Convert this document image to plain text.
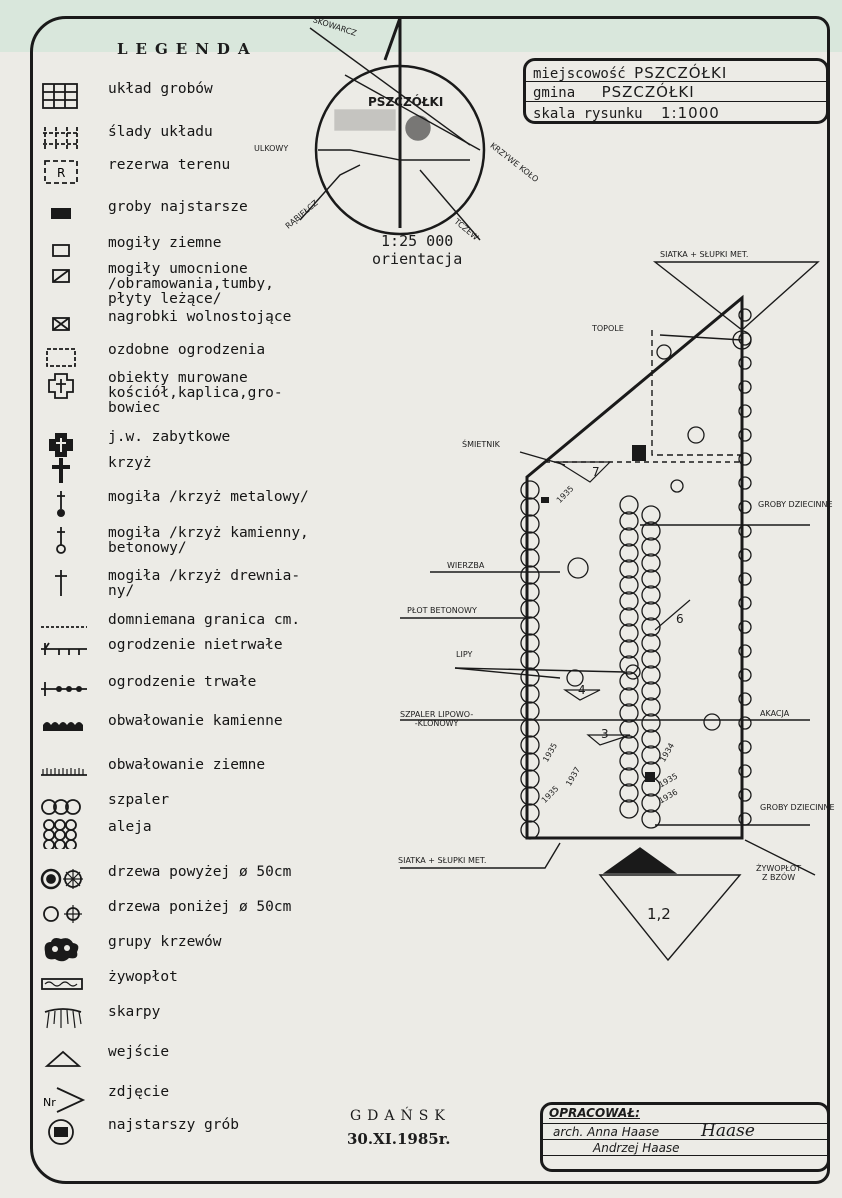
LEGENDA
układ grobów
ślady układu
R	rezerwa terenu
groby najstarsze
mogiły ziemne
mogiły umocnione
/obramowania,tumby,
płyty leżące/
nagrobki wolnostojące
ozdobne ogrodzenia
obiekty murowane
kościół,kaplica,gro-
bowiec
j.w. zabytkowe
krzyż
mogiła /krzyż metalowy/
mogiła /krzyż kamienny,
betonowy/
mogiła /krzyż drewnia-
ny/
domniemana granica cm.
ogrodzenie nietrwałe
ogrodzenie trwałe
obwałowanie kamienne
obwałowanie ziemne
szpaler
aleja
drzewa powyżej ø 50cm
drzewa poniżej ø 50cm
grupy krzewów
żywopłot
skarpy
wejście
Nr
zdjęcie
najstarszy grób
miejscowość PSZCZÓŁKI
gmina PSZCZÓŁKI
skala rysunku 1:1000
1:25 000
orientacja
PSZCZÓŁKI
SKOWARCZ
ULKOWY	KRZYWE KOŁO
RĄBIEŁCZ	TCZEW
SIATKA + SŁUPKI MET.
TOPOLE
ŚMIETNIK
GROBY DZIECINNE
WIERZBA
PŁOT BETONOWY
LIPY
SZPALER LIPOWO-
-KLONOWY
AKACJA
GROBY DZIECINNE
SIATKA + SŁUPKI MET.
ŻYWOPŁOT
Z BZÓW
7
6
4
3
1,2
1935
1935	1934
1937
1935
1935
1936
GDAŃSK
30.XI.1985r.
OPRACOWAŁ:
arch. Anna Haase Haase
Andrzej Haase
